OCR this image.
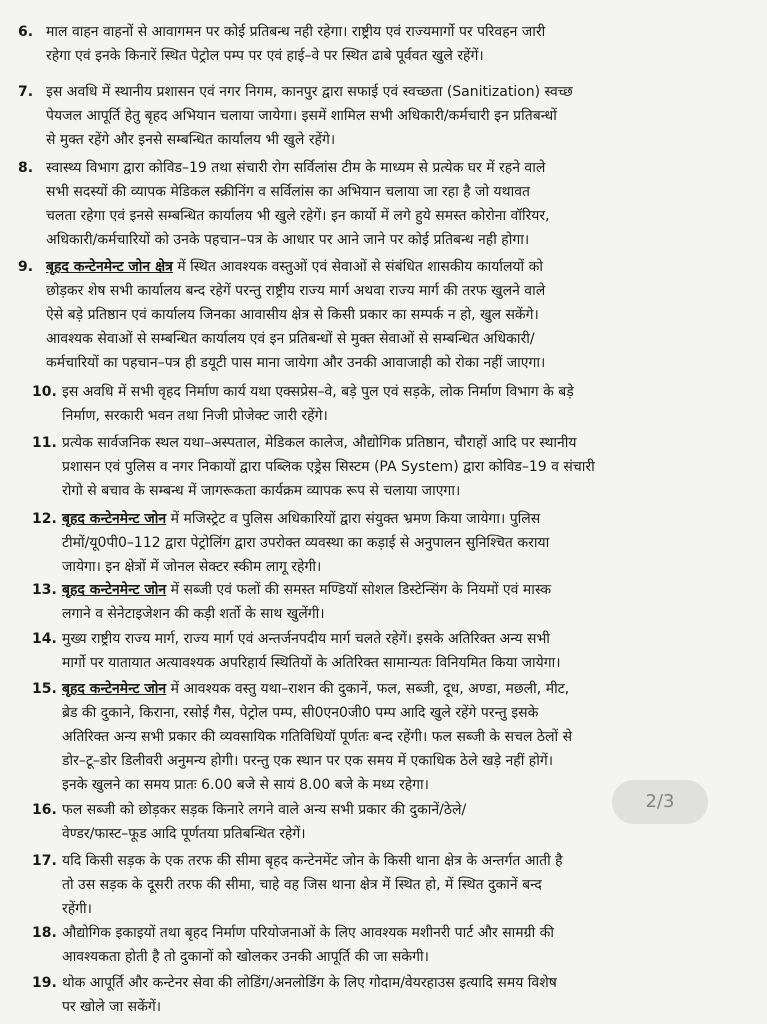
6. माल वाहन वाहनों से आवागमन पर कोई प्रतिबन्ध नही रहेगा। राष्ट्रीय एवं राज्यमार्गो पर परिवहन जारी
रहेगा एवं इनके किनारें स्थित पेट्रोल पम्प पर एवं हाई–वे पर स्थित ढाबे पूर्ववत खुले रहेंगें।
7. इस अवधि में स्थानीय प्रशासन एवं नगर निगम, कानपुर द्वारा सफाई एवं स्वच्छता (Sanitization) स्वच्छ
पेयजल आपूर्ति हेतु बृहद अभियान चलाया जायेगा। इसमें शामिल सभी अधिकारी/कर्मचारी इन प्रतिबन्धों
से मुक्त रहेंगे और इनसे सम्बन्धित कार्यालय भी खुले रहेंगे।
8. स्वास्थ्य विभाग द्वारा कोविड–19 तथा संचारी रोग सर्विलांस टीम के माध्यम से प्रत्येक घर में रहने वाले
सभी सदस्यों की व्यापक मेडिकल स्क्रीनिंग व सर्विलांस का अभियान चलाया जा रहा है जो यथावत
चलता रहेगा एवं इनसे सम्बन्धित कार्यालय भी खुले रहेगें। इन कार्यो में लगे हुये समस्त कोरोना वॉरियर,
अधिकारी/कर्मचारियों को उनके पहचान–पत्र के आधार पर आने जाने पर कोई प्रतिबन्ध नही होगा।
9. बृहद कन्टेनमेन्ट जोन क्षेत्र में स्थित आवश्यक वस्तुओं एवं सेवाओं से संबंधित शासकीय कार्यालयों को
छोड़कर शेष सभी कार्यालय बन्द रहेगें परन्तु राष्ट्रीय राज्य मार्ग अथवा राज्य मार्ग की तरफ खुलने वाले
ऐसे बड़े प्रतिष्ठान एवं कार्यालय जिनका आवासीय क्षेत्र से किसी प्रकार का सम्पर्क न हो, खुल सकेंगे।
आवश्यक सेवाओं से सम्बन्धित कार्यालय एवं इन प्रतिबन्धों से मुक्त सेवाओं से सम्बन्धित अधिकारी/
कर्मचारियों का पहचान–पत्र ही डयूटी पास माना जायेगा और उनकी आवाजाही को रोका नहीं जाएगा।
10. इस अवधि में सभी वृहद निर्माण कार्य यथा एक्सप्रेस–वे, बड़े पुल एवं सड़के, लोक निर्माण विभाग के बड़े
निर्माण, सरकारी भवन तथा निजी प्रोजेक्ट जारी रहेंगे।
11. प्रत्येक सार्वजनिक स्थल यथा–अस्पताल, मेडिकल कालेज, औद्योगिक प्रतिष्ठान, चौराहों आदि पर स्थानीय
प्रशासन एवं पुलिस व नगर निकायों द्वारा पब्लिक एड्रेस सिस्टम (PA System) द्वारा कोविड–19 व संचारी
रोगो से बचाव के सम्बन्ध में जागरूकता कार्यक्रम व्यापक रूप से चलाया जाएगा।
12. बृहद कन्टेनमेन्ट जोन में मजिस्ट्रेट व पुलिस अधिकारियों द्वारा संयुक्त भ्रमण किया जायेगा। पुलिस
टीमों/यू0पी0–112 द्वारा पेट्रोलिंग द्वारा उपरोक्त व्यवस्था का कड़ाई से अनुपालन सुनिश्चित कराया
जायेगा। इन क्षेत्रों में जोनल सेक्टर स्कीम लागू रहेगी।
13. बृहद कन्टेनमेन्ट जोन में सब्जी एवं फलों की समस्त मण्डियॉ सोशल डिस्टेन्सिंग के नियमों एवं मास्क
लगाने व सेनेटाइजेशन की कड़ी शर्तो के साथ खुलेंगी।
14. मुख्य राष्ट्रीय राज्य मार्ग, राज्य मार्ग एवं अन्तर्जनपदीय मार्ग चलते रहेगें। इसके अतिरिक्त अन्य सभी
मार्गो पर यातायात अत्यावश्यक अपरिहार्य स्थितियों के अतिरिक्त सामान्यतः विनियमित किया जायेगा।
15. बृहद कन्टेनमेन्ट जोन में आवश्यक वस्तु यथा–राशन की दुकानें, फल, सब्जी, दूध, अण्डा, मछली, मीट,
ब्रेड की दुकाने, किराना, रसोई गैस, पेट्रोल पम्प, सी0एन0जी0 पम्प आदि खुले रहेंगे परन्तु इसके
अतिरिक्त अन्य सभी प्रकार की व्यवसायिक गतिविधियॉ पूर्णतः बन्द रहेंगी। फल सब्जी के सचल ठेलों से
डोर–टू–डोर डिलीवरी अनुमन्य होगी। परन्तु एक स्थान पर एक समय में एकाधिक ठेले खड़े नहीं होगें।
इनके खुलने का समय प्रातः 6.00 बजे से सायं 8.00 बजे के मध्य रहेगा।
16. फल सब्जी को छोड़कर सड़क किनारे लगने वाले अन्य सभी प्रकार की दुकानें/ठेले/
वेण्डर/फास्ट–फूड आदि पूर्णतया प्रतिबन्धित रहेगें।
17. यदि किसी सड़क के एक तरफ की सीमा बृहद कन्टेनमेंट जोन के किसी थाना क्षेत्र के अन्तर्गत आती है
तो उस सड़क के दूसरी तरफ की सीमा, चाहे वह जिस थाना क्षेत्र में स्थित हो, में स्थित दुकानें बन्द
रहेंगी।
18. औद्योगिक इकाइयों तथा बृहद निर्माण परियोजनाओं के लिए आवश्यक मशीनरी पार्ट और सामग्री की
आवश्यकता होती है तो दुकानों को खोलकर उनकी आपूर्ति की जा सकेगी।
19. थोक आपूर्ति और कन्टेनर सेवा की लोडिंग/अनलोडिंग के लिए गोदाम/वेयरहाउस इत्यादि समय विशेष
पर खोले जा सकेंगें।
2/3
